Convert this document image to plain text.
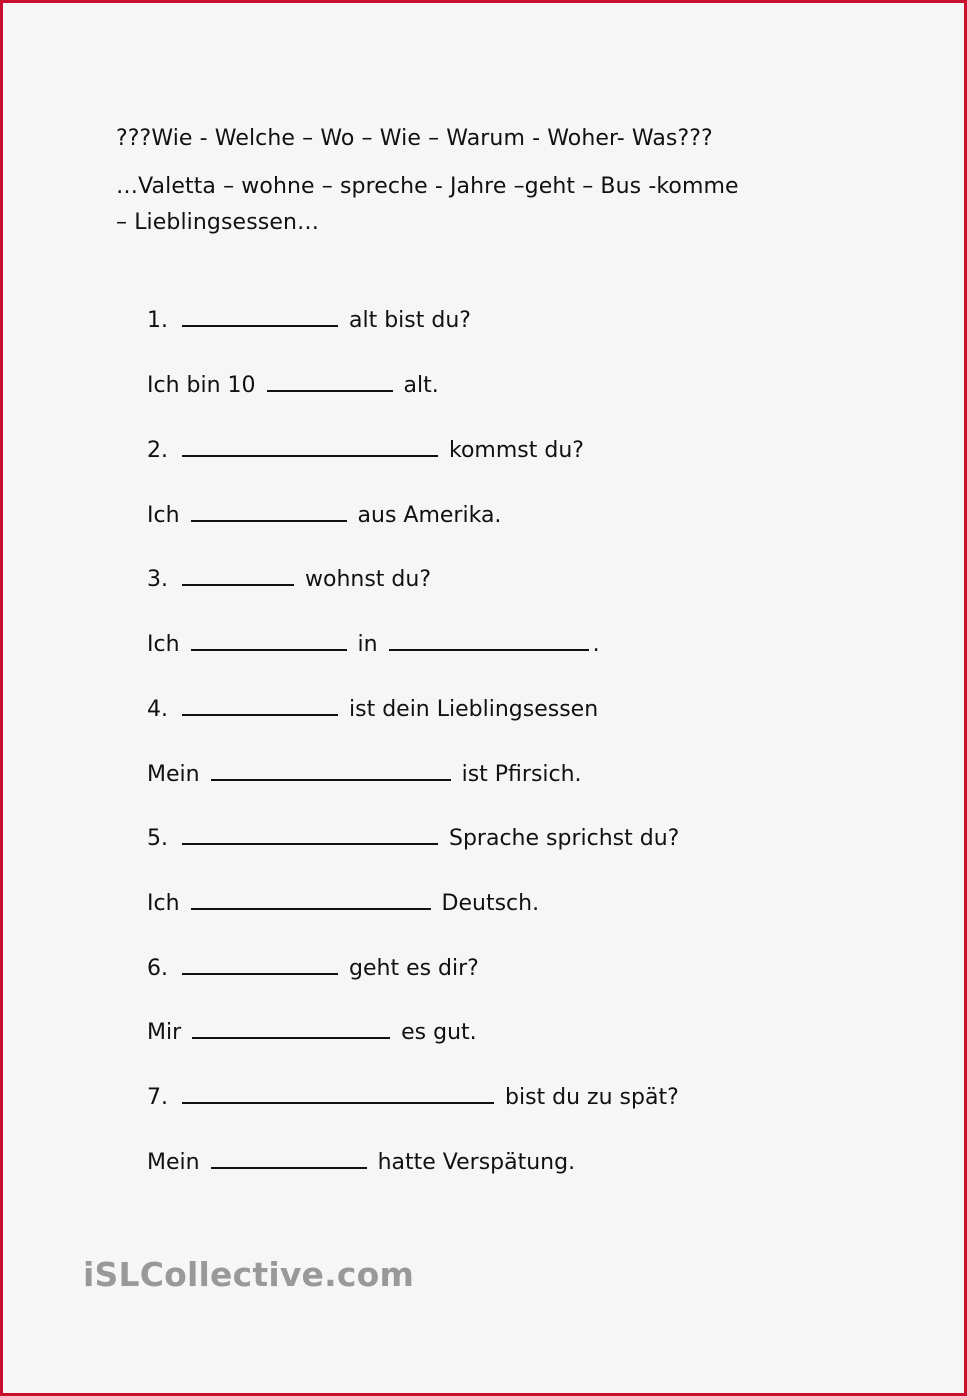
???Wie - Welche – Wo – Wie – Warum - Woher- Was???

…Valetta – wohne – spreche - Jahre –geht – Bus -komme – Lieblingsessen…

1.	alt bist du?
Ich bin 10	alt.
2.	kommst du?
Ich	aus Amerika.
3.	wohnst du?
Ich	in	.
4.	ist dein Lieblingsessen
Mein	ist Pfirsich.
5.	Sprache sprichst du?
Ich	Deutsch.
6.	geht es dir?
Mir	es gut.
7.	bist du zu spät?
Mein	hatte Verspätung.
iSLCollective.com
